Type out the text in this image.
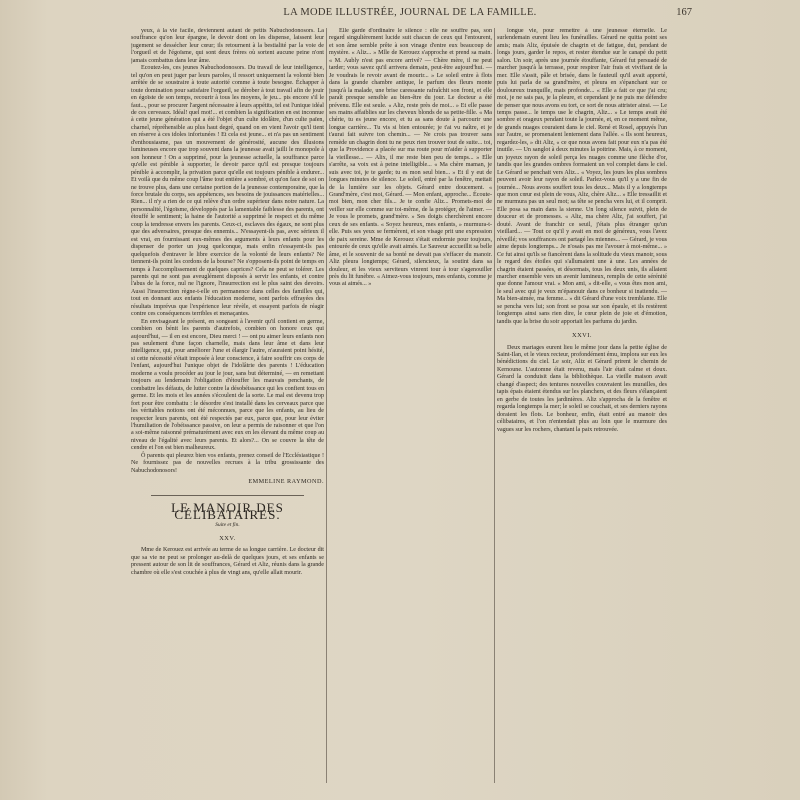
LA MODE ILLUSTRÉE, JOURNAL DE LA FAMILLE.	167

yeux, à la vie facile, deviennent autant de petits Nabuchodonosors. La souffrance qu'on leur épargne, le devoir dont on les dispense, laissent leur jugement se dessécher leur cœur; ils retournent à la bestialité par la voie de l'orgueil et de l'égoïsme, qui sont deux frères où sortent aucune peine n'ont jamais combattus dans leur âme.

Ecoutez-les, ces jeunes Nabuchodonosors. Du travail de leur intelligence, tel qu'on en peut juger par leurs paroles, il ressort uniquement la volonté bien arrêtée de se soustraire à toute autorité comme à toute besogne. Échapper à toute domination pour satisfaire l'orgueil, se dérober à tout travail afin de jouir en égoïste de son temps, recourir à tous les moyens, le jeu... pis encore s'il le faut..., pour se procurer l'argent nécessaire à leurs appétits, tel est l'unique idéal de ces cerveaux. Idéal! quel mot!... et combien la signification en est inconnue à cette jeune génération qui a été l'objet d'un culte idolâtre, d'un culte païen, charnel, répréhensible au plus haut degré, quand on en vient l'avoir qu'il tient en réserve à ces idoles infortunées ! Et cela est jeune... et n'a pas un sentiment d'enthousiasme, pas un mouvement de générosité, aucune des illusions lumineuses encore que trop souvent dans la jeunesse avait jailli le monopole à son honneur ! On a supprimé, pour la jeunesse actuelle, la souffrance parce qu'elle est pénible à supporter, le devoir parce qu'il est presque toujours pénible à accomplir, la privation parce qu'elle est toujours pénible à endurer... Et voilà que du même coup l'âme tout entière a sombré, et qu'on face de soi on ne trouve plus, dans une certaine portion de la jeunesse contemporaine, que la force brutale du corps, ses appétences, ses besoins de jouissances matérielles... Rien... il n'y a rien de ce qui relève d'un ordre supérieur dans notre nature. La personnalité, l'égoïsme, développés par la lamentable faiblesse des parents, ont étouffé le sentiment; la haine de l'autorité a supprimé le respect et du même coup la tendresse envers les parents. Ceux-ci, esclaves des égaux, ne sont plus que des adversaires, presque des ennemis... N'essayent-ils pas, avec sérieux il est vrai, en fournissant eux-mêmes des arguments à leurs enfants pour les dispenser de porter un joug quelconque, mais enfin n'essayent-ils pas quelquefois d'entraver le libre exercice de la volonté de leurs enfants? Ne tiennent-ils point les cordons de la bourse? Ne s'opposent-ils point de temps en temps à l'accomplissement de quelques caprices? Cela ne peut se tolérer. Les parents qui ne sont pas aveuglément disposés à servir les enfants, et contre l'abus de la force, nul ne l'ignore, l'insurrection est le plus saint des devoirs. Aussi l'insurrection règne-t-elle en permanence dans celles des familles qui, tout en donnant aux enfants l'éducation moderne, sont parfois effrayées des résultats imprévus que l'expérience leur révèle, et essayent parfois de réagir contre ces conséquences terribles et menaçantes.

En envisageant le présent, en songeant à l'avenir qu'il contient en germe, combien on bénit les parents d'autrefois, combien on honore ceux qui aujourd'hui, — il en est encore, Dieu merci ! — ont pu aimer leurs enfants non pas seulement d'une façon charnelle, mais dans leur âme et dans leur intelligence, qui, pour améliorer l'une et élargir l'autre, n'auraient point hésité, si cette nécessité s'était imposée à leur conscience, à faire souffrir ces corps de l'enfant, aujourd'hui l'unique objet de l'idolâtrie des parents ! L'éducation moderne a voulu procéder au jour le jour, sans but déterminé, — en remettant toujours au lendemain l'obligation d'étouffer les mauvais penchants, de combattre les défauts, de lutter contre la désobéissance qui les confient tous en germe. Et les mois et les années s'écoulent de la sorte. Le mal est devenu trop fort pour être combattu : le désordre s'est installé dans les cerveaux parce que les véritables notions ont été méconnues, parce que les enfants, au lieu de respecter leurs parents, ont été respectés par eux, parce que, pour leur éviter l'humiliation de l'obéissance passive, on leur a permis de raisonner et que l'on a soi-même raisonné prématurément avec eux en les élevant du même coup au niveau de l'égalité avec leurs parents. Et alors?... On se couvre la tête de cendre et l'on est bien malheureux.

Ô parents qui pleurez bien vos enfants, prenez conseil de l'Ecclésiastique ! Ne fournissez pas de nouvelles recrues à la tribu grossissante des Nabuchodonosors!

EMMELINE RAYMOND.
LE MANOIR DES CÉLIBATAIRES.
Suite et fin.
XXV.

Mme de Kerouez est arrivée au terme de sa longue carrière. Le docteur dit que sa vie ne peut se prolonger au-delà de quelques jours, et ses enfants se pressent autour de son lit de souffrances, Gérard et Aliz, réunis dans la grande chambre où elle s'est couchée à plus de vingt ans, qu'elle allait mourir.

Elle garde d'ordinaire le silence : elle ne souffre pas, son regard singulièrement lucide suit chacun de ceux qui l'entourent, et son âme semble prête à son vinage d'entre eux beaucoup de mystère. « Aliz... » Mlle de Kerouez s'approche et prend sa main. « M. Aubly n'est pas encore arrivé? — Chère mère, il ne peut tarder; vous savez qu'il arrivera demain, peut-être aujourd'hui. — Je voudrais le revoir avant de mourir... » Le soleil entre à flots dans la grande chambre antique, le parfum des fleurs monte jusqu'à la malade, une brise caressante rafraîchit son front, et elle paraît presque sensible au bien-être du jour. Le docteur a été prévenu. Elle est seule. « Aliz, reste près de moi... » Et elle passe ses mains affaiblies sur les cheveux blonds de sa petite-fille. « Ma chérie, tu es jeune encore, et tu as sans doute à parcourir une longue carrière... Tu vis si bien entourée; je t'ai vu naître, et je t'aurai fait suivre ton chemin... — Ne crois pas trouver sans remède un chagrin dont tu ne peux rien trouver tout de suite... toi, que la Providence a placée sur ma route pour m'aider à supporter la vieillesse... — Alix, il me reste bien peu de temps... » Elle s'arrête, sa voix est à peine intelligible... « Ma chère maman, je suis avec toi, je te garde; tu es mon seul bien... » Et il y eut de longues minutes de silence. Le soleil, entré par la fenêtre, mettait de la lumière sur les objets. Gérard entre doucement. « Grand'mère, c'est moi, Gérard. — Mon enfant, approche... Écoute-moi bien, mon cher fils... Je te confie Aliz... Promets-moi de veiller sur elle comme sur toi-même, de la protéger, de l'aimer. — Je vous le promets, grand'mère. » Ses doigts cherchèrent encore ceux de ses enfants. « Soyez heureux, mes enfants, » murmura-t-elle. Puis ses yeux se fermèrent, et son visage prit une expression de paix sereine. Mme de Kerouez s'était endormie pour toujours, entourée de ceux qu'elle avait aimés. Le Sauveur accueillit sa belle âme, et le souvenir de sa bonté ne devait pas s'effacer du manoir. Aliz pleura longtemps; Gérard, silencieux, la soutint dans sa douleur, et les vieux serviteurs vinrent tour à tour s'agenouiller près du lit funèbre. « Aimez-vous toujours, mes enfants, comme je vous ai aimés... »

longue vie, pour remettre à une jeunesse éternelle. Le surlendemain eurent lieu les funérailles. Gérard ne quitta point ses amis; mais Aliz, épuisée de chagrin et de fatigue, dut, pendant de longs jours, garder le repos, et rester étendue sur le canapé du petit salon. Un soir, après une journée étouffante, Gérard fut persuadé de marcher jusqu'à la terrasse, pour respirer l'air frais et vivifiant de la mer. Elle s'assit, pâle et brisée, dans le fauteuil qu'il avait apporté, puis lui parla de sa grand'mère, et pleura en s'épanchant sur ce douloureux tranquille, mais profonde... « Elle a fait ce que j'ai cru; moi, je ne sais pas, je la pleure, et cependant je ne puis me défendre de penser que nous avons eu tort, ce sort de nous attrister ainsi. — Le temps passe... le temps use le chagrin, Aliz... » Le temps avait été sombre et orageux pendant toute la journée, et, en ce moment même, de grands nuages couraient dans le ciel. René et Rosel, appuyés l'un sur l'autre, se promenaient lentement dans l'allée. « Ils sont heureux, regardez-les, » dit Aliz, « ce que nous avons fait pour eux n'a pas été inutile. — Un sanglot à deux minutes la poitrine. Mais, à ce moment, un joyeux rayon de soleil perça les nuages comme une flèche d'or, tandis que les grandes ombres formaient un vol complet dans le ciel. Le Gérard se penchait vers Aliz... « Voyez, les jours les plus sombres peuvent avoir leur rayon de soleil. Parlez-vous qu'il y a une fin de journée... Nous avons souffert tous les deux... Mais il y a longtemps que mon cœur est plein de vous, Aliz, chère Aliz... » Elle tressaillit et ne murmura pas un seul mot; sa tête se pencha vers lui, et il comprit. Elle posa sa main dans la sienne. Un long silence suivit, plein de douceur et de promesses. « Aliz, ma chère Aliz, j'ai souffert, j'ai douté. Avant de franchir ce seuil, j'étais plus étranger qu'un vieillard... — Tout ce qu'il y avait en moi de généreux, vous l'avez réveillé; vos souffrances ont partagé les miennes... — Gérard, je vous aime depuis longtemps... Je n'osais pas me l'avouer à moi-même... » Ce fut ainsi qu'ils se fiancèrent dans la solitude du vieux manoir, sous le regard des étoiles qui s'allumaient une à une. Les années de chagrin étaient passées, et désormais, tous les deux unis, ils allaient marcher ensemble vers un avenir lumineux, remplis de cette sérénité que donne l'amour vrai. « Mon ami, » dit-elle, « vous êtes mon ami, le seul avec qui je veux m'épanouir dans ce bonheur si inattendu. — Ma bien-aimée, ma femme... » dit Gérard d'une voix tremblante. Elle se pencha vers lui; son front se posa sur son épaule, et ils restèrent longtemps ainsi sans rien dire, le cœur plein de joie et d'émotion, tandis que la brise du soir apportait les parfums du jardin.

XXVI.

Deux mariages eurent lieu le même jour dans la petite église de Saint-Ilan, et le vieux recteur, profondément ému, implora sur eux les bénédictions du ciel. Le soir, Aliz et Gérard prirent le chemin de Kernoune. L'automne était revenu, mais l'air était calme et doux. Gérard la conduisit dans la bibliothèque. La vieille maison avait changé d'aspect; des tentures nouvelles couvraient les murailles, des tapis épais étaient étendus sur les planchers, et des fleurs s'élançaient en gerbe de toutes les jardinières. Aliz s'approcha de la fenêtre et regarda longtemps la mer; le soleil se couchait, et ses derniers rayons doraient les flots. Le bonheur, enfin, était entré au manoir des célibataires, et l'on n'entendait plus au loin que le murmure des vagues sur les rochers, chantant la paix retrouvée.
